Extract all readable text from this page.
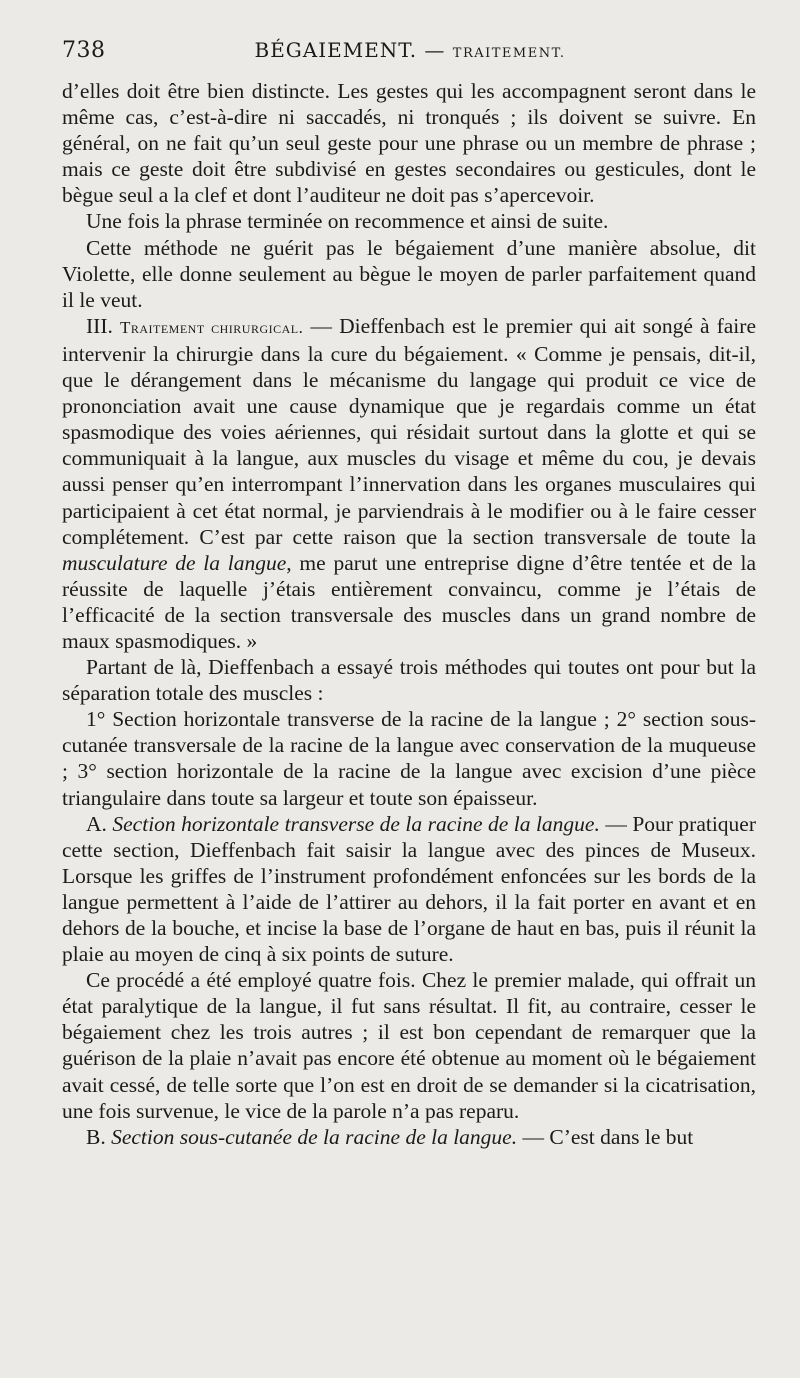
738	BÉGAIEMENT. — TRAITEMENT.

d’elles doit être bien distincte. Les gestes qui les accompagnent seront dans le même cas, c’est-à-dire ni saccadés, ni tronqués ; ils doivent se suivre. En général, on ne fait qu’un seul geste pour une phrase ou un membre de phrase ; mais ce geste doit être subdivisé en gestes secondaires ou gesticules, dont le bègue seul a la clef et dont l’auditeur ne doit pas s’apercevoir.

Une fois la phrase terminée on recommence et ainsi de suite.

Cette méthode ne guérit pas le bégaiement d’une manière absolue, dit Violette, elle donne seulement au bègue le moyen de parler parfaitement quand il le veut.

III. Traitement chirurgical. — Dieffenbach est le premier qui ait songé à faire intervenir la chirurgie dans la cure du bégaiement. « Comme je pensais, dit-il, que le dérangement dans le mécanisme du langage qui produit ce vice de prononciation avait une cause dynamique que je regardais comme un état spasmodique des voies aériennes, qui résidait surtout dans la glotte et qui se communiquait à la langue, aux muscles du visage et même du cou, je devais aussi penser qu’en interrompant l’innervation dans les organes musculaires qui participaient à cet état normal, je parviendrais à le modifier ou à le faire cesser complétement. C’est par cette raison que la section transversale de toute la musculature de la langue, me parut une entreprise digne d’être tentée et de la réussite de laquelle j’étais entièrement convaincu, comme je l’étais de l’efficacité de la section transversale des muscles dans un grand nombre de maux spasmodiques. »

Partant de là, Dieffenbach a essayé trois méthodes qui toutes ont pour but la séparation totale des muscles :

1° Section horizontale transverse de la racine de la langue ; 2° section sous-cutanée transversale de la racine de la langue avec conservation de la muqueuse ; 3° section horizontale de la racine de la langue avec excision d’une pièce triangulaire dans toute sa largeur et toute son épaisseur.

A. Section horizontale transverse de la racine de la langue. — Pour pratiquer cette section, Dieffenbach fait saisir la langue avec des pinces de Museux. Lorsque les griffes de l’instrument profondément enfoncées sur les bords de la langue permettent à l’aide de l’attirer au dehors, il la fait porter en avant et en dehors de la bouche, et incise la base de l’organe de haut en bas, puis il réunit la plaie au moyen de cinq à six points de suture.

Ce procédé a été employé quatre fois. Chez le premier malade, qui offrait un état paralytique de la langue, il fut sans résultat. Il fit, au contraire, cesser le bégaiement chez les trois autres ; il est bon cependant de remarquer que la guérison de la plaie n’avait pas encore été obtenue au moment où le bégaiement avait cessé, de telle sorte que l’on est en droit de se demander si la cicatrisation, une fois survenue, le vice de la parole n’a pas reparu.

B. Section sous-cutanée de la racine de la langue. — C’est dans le but
